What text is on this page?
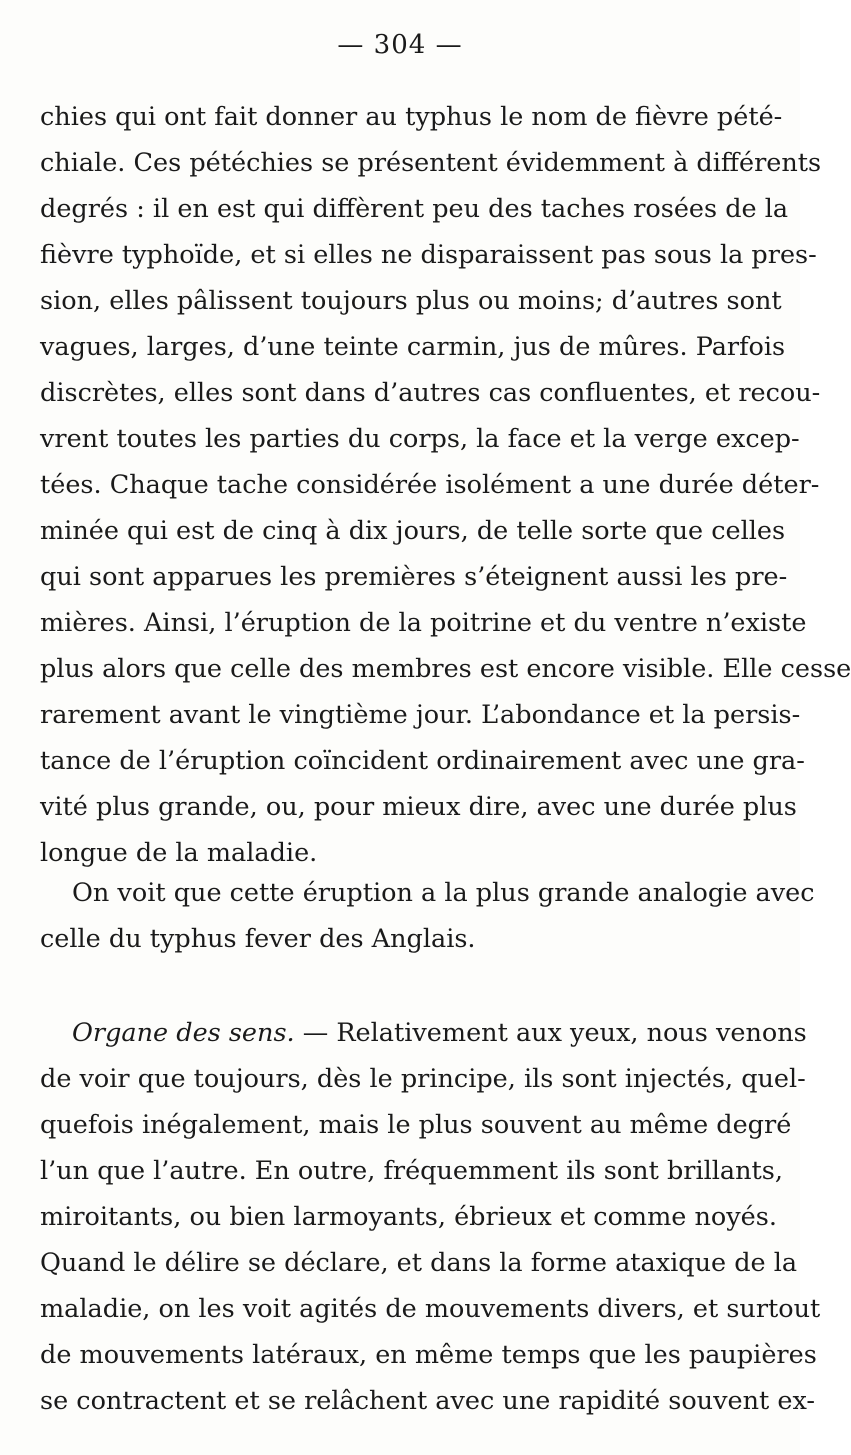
— 304 —
chies qui ont fait donner au typhus le nom de fièvre pété-
chiale. Ces pétéchies se présentent évidemment à différents
degrés : il en est qui diffèrent peu des taches rosées de la
fièvre typhoïde, et si elles ne disparaissent pas sous la pres-
sion, elles pâlissent toujours plus ou moins; d’autres sont
vagues, larges, d’une teinte carmin, jus de mûres. Parfois
discrètes, elles sont dans d’autres cas confluentes, et recou-
vrent toutes les parties du corps, la face et la verge excep-
tées. Chaque tache considérée isolément a une durée déter-
minée qui est de cinq à dix jours, de telle sorte que celles
qui sont apparues les premières s’éteignent aussi les pre-
mières. Ainsi, l’éruption de la poitrine et du ventre n’existe
plus alors que celle des membres est encore visible. Elle cesse
rarement avant le vingtième jour. L’abondance et la persis-
tance de l’éruption coïncident ordinairement avec une gra-
vité plus grande, ou, pour mieux dire, avec une durée plus
longue de la maladie.
On voit que cette éruption a la plus grande analogie avec
celle du typhus fever des Anglais.
Organe des sens. — Relativement aux yeux, nous venons
de voir que toujours, dès le principe, ils sont injectés, quel-
quefois inégalement, mais le plus souvent au même degré
l’un que l’autre. En outre, fréquemment ils sont brillants,
miroitants, ou bien larmoyants, ébrieux et comme noyés.
Quand le délire se déclare, et dans la forme ataxique de la
maladie, on les voit agités de mouvements divers, et surtout
de mouvements latéraux, en même temps que les paupières
se contractent et se relâchent avec une rapidité souvent ex-
